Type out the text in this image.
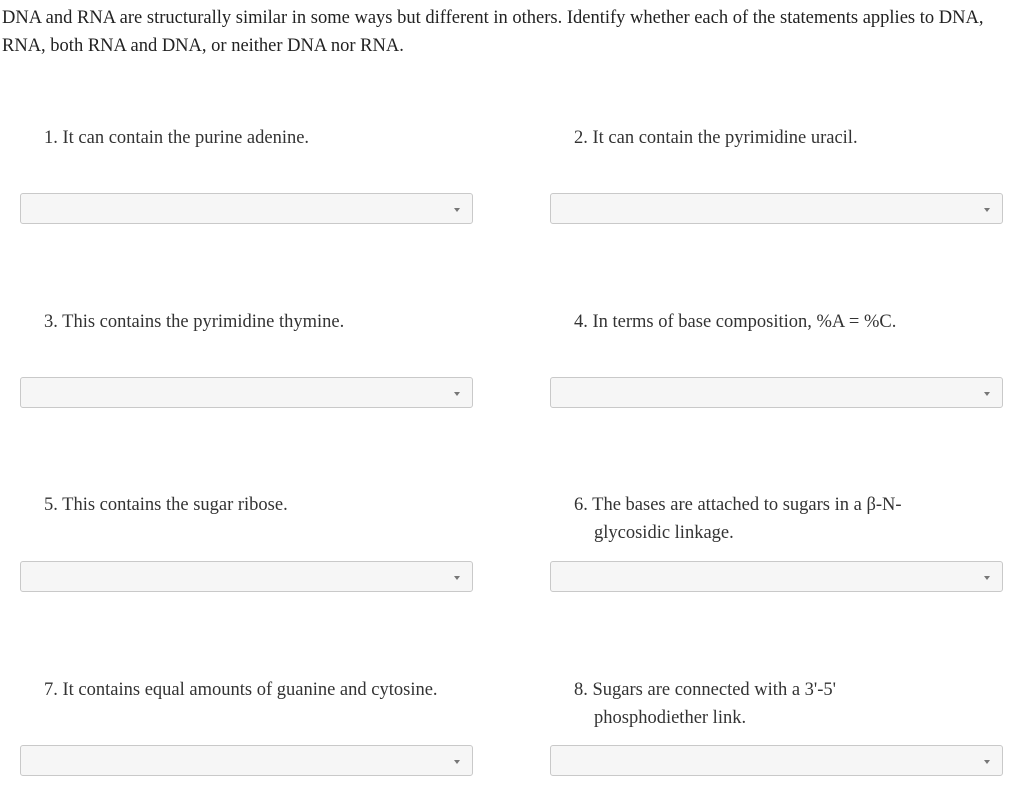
DNA and RNA are structurally similar in some ways but different in others. Identify whether each of the statements applies to DNA, RNA, both RNA and DNA, or neither DNA nor RNA.

1. It can contain the purine adenine.	2. It can contain the pyrimidine uracil.
3. This contains the pyrimidine thymine.	4. In terms of base composition, %A = %C.
5. This contains the sugar ribose.	6. The bases are attached to sugars in a β-N-glycosidic linkage.
7. It contains equal amounts of guanine and cytosine.	8. Sugars are connected with a 3'-5' phosphodiether link.
